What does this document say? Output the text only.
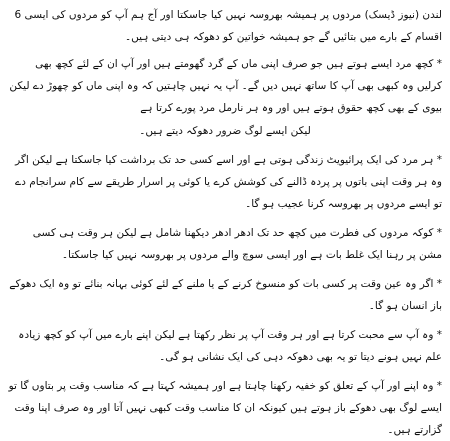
لندن (نیوز ڈیسک) مردوں پر ہمیشہ بھروسہ نہیں کیا جاسکتا اور آج ہم آپ کو مردوں کی ایسی 6 اقسام کے بارے میں بتائیں گے جو ہمیشہ خواتین کو دھوکہ ہی دیتی ہیں۔

* کچھ مرد ایسے ہوتے ہیں جو صرف اپنی ماں کے گرد گھومتے ہیں اور آپ ان کے لئے کچھ بھی کرلیں وہ کبھی بھی آپ کا ساتھ نہیں دیں گے۔ آپ یہ نہیں چاہتیں کہ وہ اپنی ماں کو چھوڑ دے لیکن بیوی کے بھی کچھ حقوق ہوتے ہیں اور وہ ہر نارمل مرد پورے کرتا ہے

لیکن ایسے لوگ ضرور دھوکہ دیتے ہیں۔

* ہر مرد کی ایک پرائیویٹ زندگی ہوتی ہے اور اسے کسی حد تک برداشت کیا جاسکتا ہے لیکن اگر وہ ہر وقت اپنی باتوں پر پردہ ڈالنے کی کوشش کرے یا کوئی پر اسرار طریقے سے کام سرانجام دے تو ایسے مردوں پر بھروسہ کرنا عجیب ہو گا۔

* کوکہ مردوں کی فطرت میں کچھ حد تک ادھر ادھر دیکھنا شامل ہے لیکن ہر وقت ہی کسی مشن پر رہنا ایک غلط بات ہے اور ایسی سوچ والے مردوں پر بھروسہ نہیں کیا جاسکتا۔

* اگر وہ عین وقت پر کسی بات کو منسوخ کرنے کے یا ملنے کے لئے کوئی بہانہ بنائے تو وہ ایک دھوکے باز انسان ہو گا۔

* وہ آپ سے محبت کرتا ہے اور ہر وقت آپ پر نظر رکھتا ہے لیکن اپنے بارے میں آپ کو کچھ زیادہ علم نہیں ہونے دیتا تو یہ بھی دھوکہ دہی کی ایک نشانی ہو گی۔

* وہ اپنے اور آپ کے تعلق کو خفیہ رکھنا چاہتا ہے اور ہمیشہ کہتا ہے کہ مناسب وقت پر بتاوں گا تو ایسے لوگ بھی دھوکے باز ہوتے ہیں کیونکہ ان کا مناسب وقت کبھی نہیں آتا اور وہ صرف اپنا وقت گزارتے ہیں۔
